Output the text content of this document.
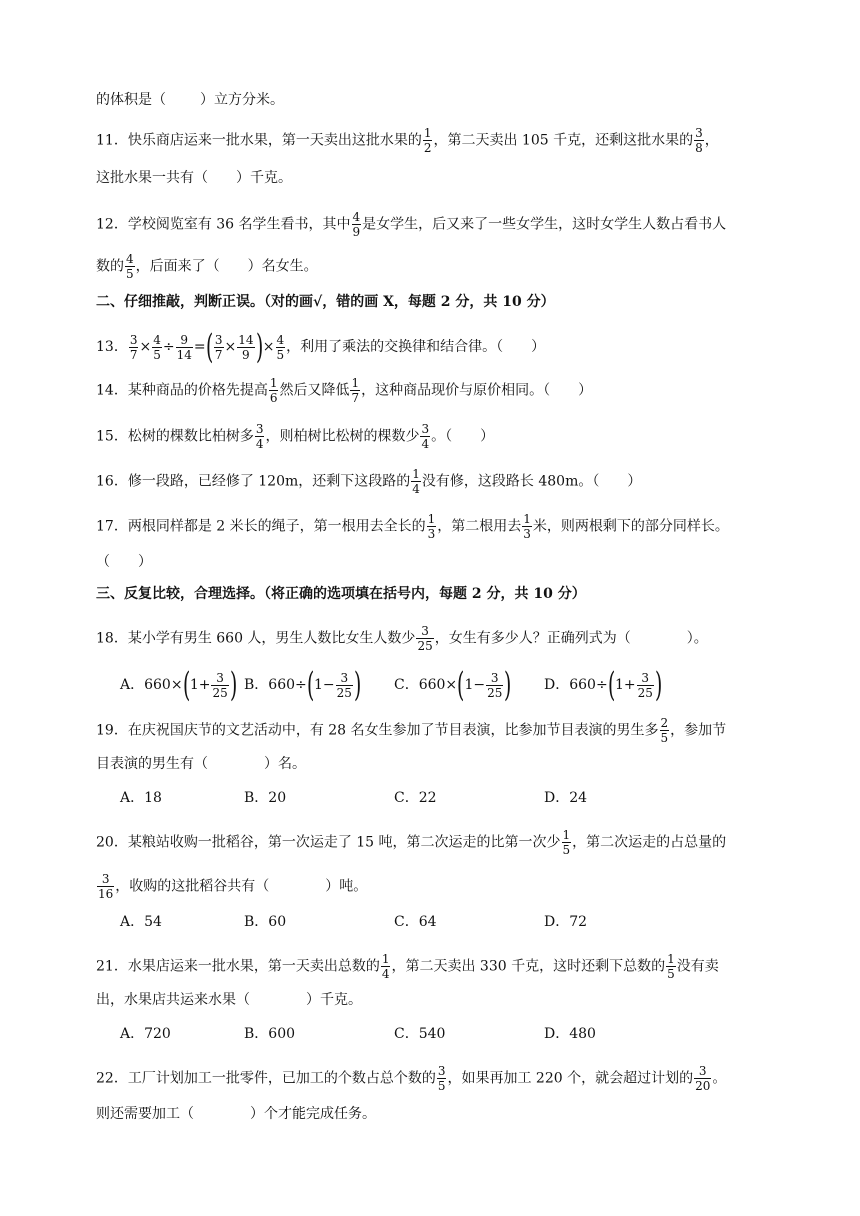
的体积是（ ）立方分米。
11．快乐商店运来一批水果，第一天卖出这批水果的 $\frac{1}{2}$ ，第二天卖出 105 千克，还剩这批水果的 $\frac{3}{8}$ ，
这批水果一共有（　　）千克。
12．学校阅览室有 36 名学生看书，其中 $\frac{4}{9}$ 是女学生，后又来了一些女学生，这时女学生人数占看书人
数的 $\frac{4}{5}$ ，后面来了（　　）名女生。
二、仔细推敲，判断正误。（对的画√，错的画 X，每题 2 分，共 10 分）
13． $\frac{3}{7} \times \frac{4}{5} \div \frac{9}{14}$ =( $\frac{3}{7} \times \frac{14}{9}$ )× $\frac{4}{5}$ ，利用了乘法的交换律和结合律。（　　）
14．某种商品的价格先提高 $\frac{1}{6}$ 然后又降低 $\frac{1}{7}$ ，这种商品现价与原价相同。（　　）
15．松树的棵数比柏树多 $\frac{3}{4}$ ，则柏树比松树的棵数少 $\frac{3}{4}$ 。（　　）
16．修一段路，已经修了 120m，还剩下这段路的 $\frac{1}{4}$ 没有修，这段路长 480m。（　　）
17．两根同样都是 2 米长的绳子，第一根用去全长的 $\frac{1}{3}$ ，第二根用去 $\frac{1}{3}$ 米，则两根剩下的部分同样长。
（　　）
三、反复比较，合理选择。（将正确的选项填在括号内，每题 2 分，共 10 分）
18．某小学有男生 660 人，男生人数比女生人数少 $\frac{3}{25}$ ，女生有多少人？正确列式为（　　　　）。
A．$660\times(1+ \frac{3}{25}$ ) B．$660\div(1- \frac{3}{25}$ ) C．$660\times(1- \frac{3}{25}$ ) D．$660\div(1+ \frac{3}{25}$ )
19．在庆祝国庆节的文艺活动中，有 28 名女生参加了节目表演，比参加节目表演的男生多 $\frac{2}{5}$ ，参加节
目表演的男生有（　　　　）名。
A．18	B．20	C．22	D．24
20．某粮站收购一批稻谷，第一次运走了 15 吨，第二次运走的比第一次少 $\frac{1}{5}$ ，第二次运走的占总量的
$\frac{3}{16}$ ，收购的这批稻谷共有（　　　　）吨。
A．54	B．60	C．64	D．72
21．水果店运来一批水果，第一天卖出总数的 $\frac{1}{4}$ ，第二天卖出 330 千克，这时还剩下总数的 $\frac{1}{5}$ 没有卖
出，水果店共运来水果（　　　　）千克。
A．720	B．600	C．540	D．480
22．工厂计划加工一批零件，已加工的个数占总个数的 $\frac{3}{5}$ ，如果再加工 220 个，就会超过计划的 $\frac{3}{20}$ 。
则还需要加工（　　　　）个才能完成任务。
